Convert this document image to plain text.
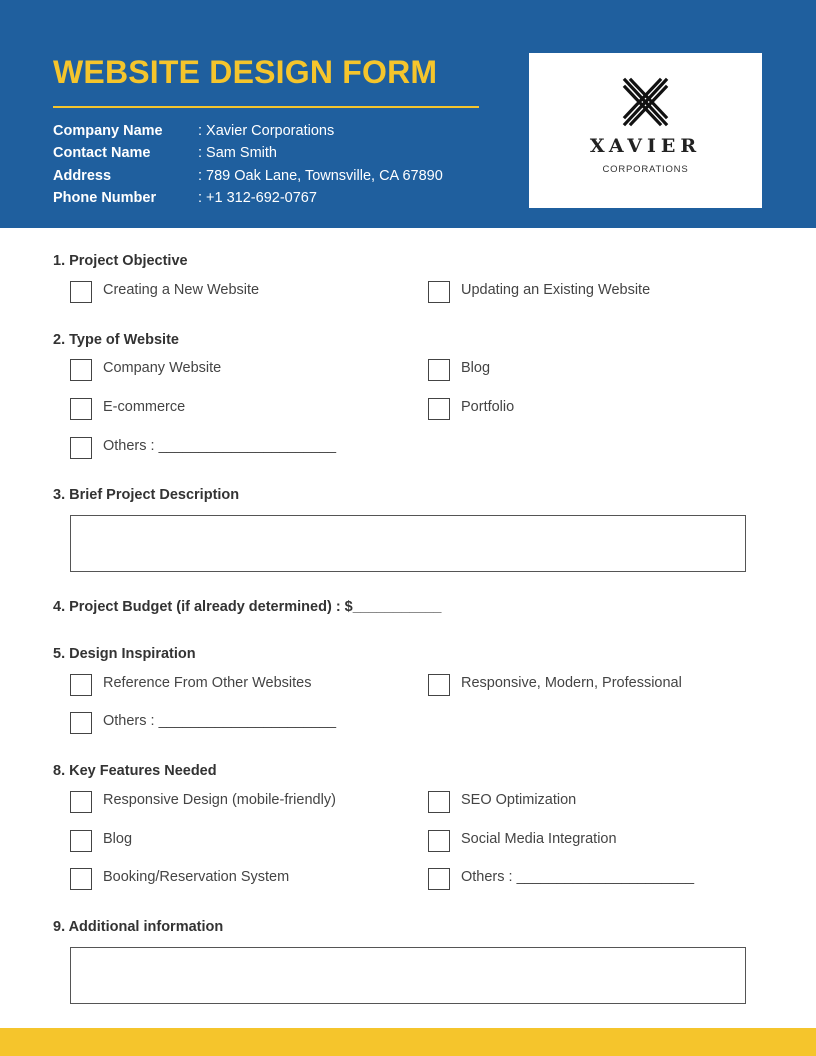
WEBSITE DESIGN FORM
Company Name : Xavier Corporations
Contact Name	: Sam Smith
Address	: 789 Oak Lane, Townsville, CA 67890
Phone Number	: +1 312-692-0767
XAVIER
CORPORATIONS
1. Project Objective
Creating a New Website	Updating an Existing Website
2. Type of Website
Company Website	Blog
E-commerce	Portfolio
Others : ______________________
3. Brief Project Description
4. Project Budget (if already determined) : $___________
5. Design Inspiration
Reference From Other Websites	Responsive, Modern, Professional
Others : ______________________
8. Key Features Needed
Responsive Design (mobile-friendly)	SEO Optimization
Blog	Social Media Integration
Booking/Reservation System	Others : ______________________
9. Additional information
